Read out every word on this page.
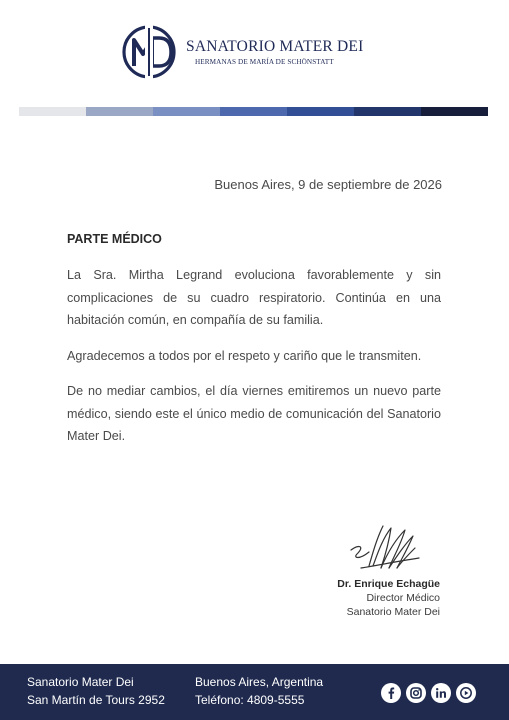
SANATORIO MATER DEI
HERMANAS DE MARÍA DE SCHÖNSTATT
Buenos Aires, 9 de septiembre de 2026
PARTE MÉDICO

La Sra. Mirtha Legrand evoluciona favorablemente y sin complicaciones de su cuadro respiratorio. Continúa en una habitación común, en compañía de su familia.

Agradecemos a todos por el respeto y cariño que le transmiten.

De no mediar cambios, el día viernes emitiremos un nuevo parte médico, siendo este el único medio de comunicación del Sanatorio Mater Dei.

Dr. Enrique Echagüe
Director Médico
Sanatorio Mater Dei
Sanatorio Mater Dei
San Martín de Tours 2952
Buenos Aires, Argentina
Teléfono: 4809-5555
